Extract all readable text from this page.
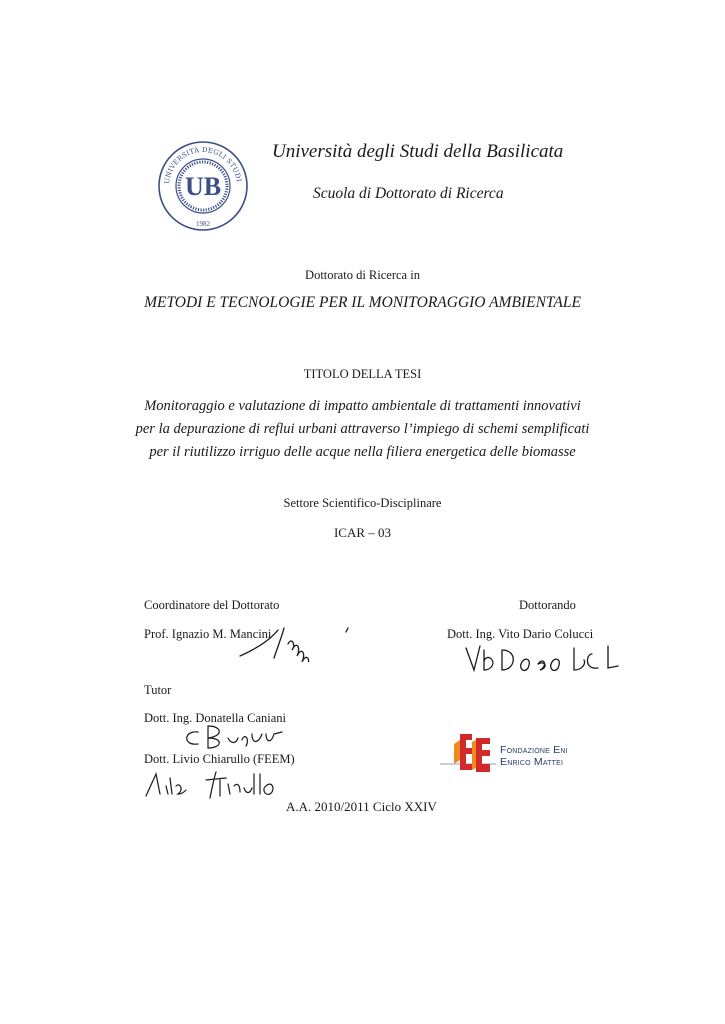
UNIVERSITÀ DEGLI STUDI
UB
1982
Università degli Studi della Basilicata
Scuola di Dottorato di Ricerca
Dottorato di Ricerca in
METODI E TECNOLOGIE PER IL MONITORAGGIO AMBIENTALE
TITOLO DELLA TESI
Monitoraggio e valutazione di impatto ambientale di trattamenti innovativi
per la depurazione di reflui urbani attraverso l’impiego di schemi semplificati
per il riutilizzo irriguo delle acque nella filiera energetica delle biomasse
Settore Scientifico-Disciplinare
ICAR – 03
Coordinatore del Dottorato
Prof. Ignazio M. Mancini
Dottorando
Dott. Ing. Vito Dario Colucci
Tutor
Dott. Ing. Donatella Caniani
Dott. Livio Chiarullo (FEEM)
Fondazione Eni
Enrico Mattei
A.A. 2010/2011 Ciclo XXIV
